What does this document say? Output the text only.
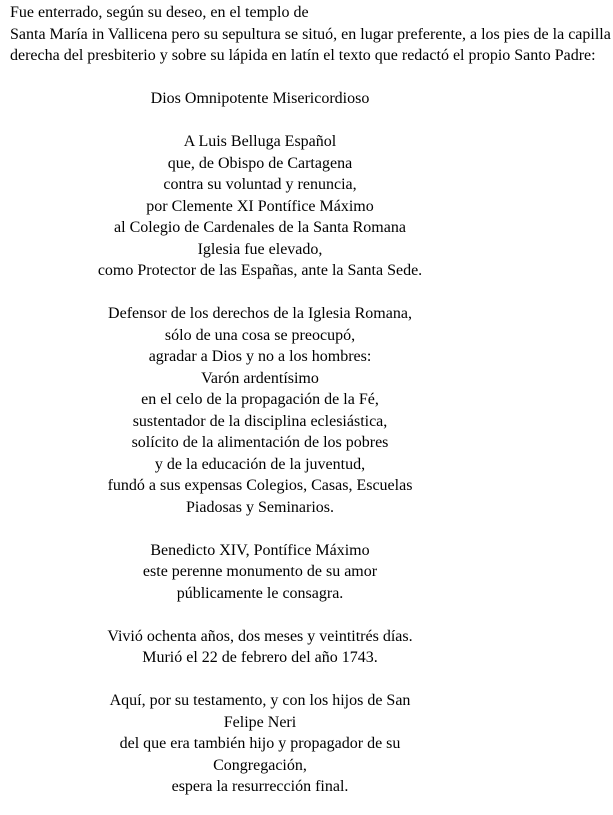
Fue enterrado, según su deseo, en el templo de
Santa María in Vallicena pero su sepultura se situó, en lugar preferente, a los pies de la capilla
derecha del presbiterio y sobre su lápida en latín el texto que redactó el propio Santo Padre:
Dios Omnipotente Misericordioso
A Luis Belluga Español
que, de Obispo de Cartagena
contra su voluntad y renuncia,
por Clemente XI Pontífice Máximo
al Colegio de Cardenales de la Santa Romana
Iglesia fue elevado,
como Protector de las Españas, ante la Santa Sede.
Defensor de los derechos de la Iglesia Romana,
sólo de una cosa se preocupó,
agradar a Dios y no a los hombres:
Varón ardentísimo
en el celo de la propagación de la Fé,
sustentador de la disciplina eclesiástica,
solícito de la alimentación de los pobres
y de la educación de la juventud,
fundó a sus expensas Colegios, Casas, Escuelas
Piadosas y Seminarios.
Benedicto XIV, Pontífice Máximo
este perenne monumento de su amor
públicamente le consagra.
Vivió ochenta años, dos meses y veintitrés días.
Murió el 22 de febrero del año 1743.
Aquí, por su testamento, y con los hijos de San
Felipe Neri
del que era también hijo y propagador de su
Congregación,
espera la resurrección final.
